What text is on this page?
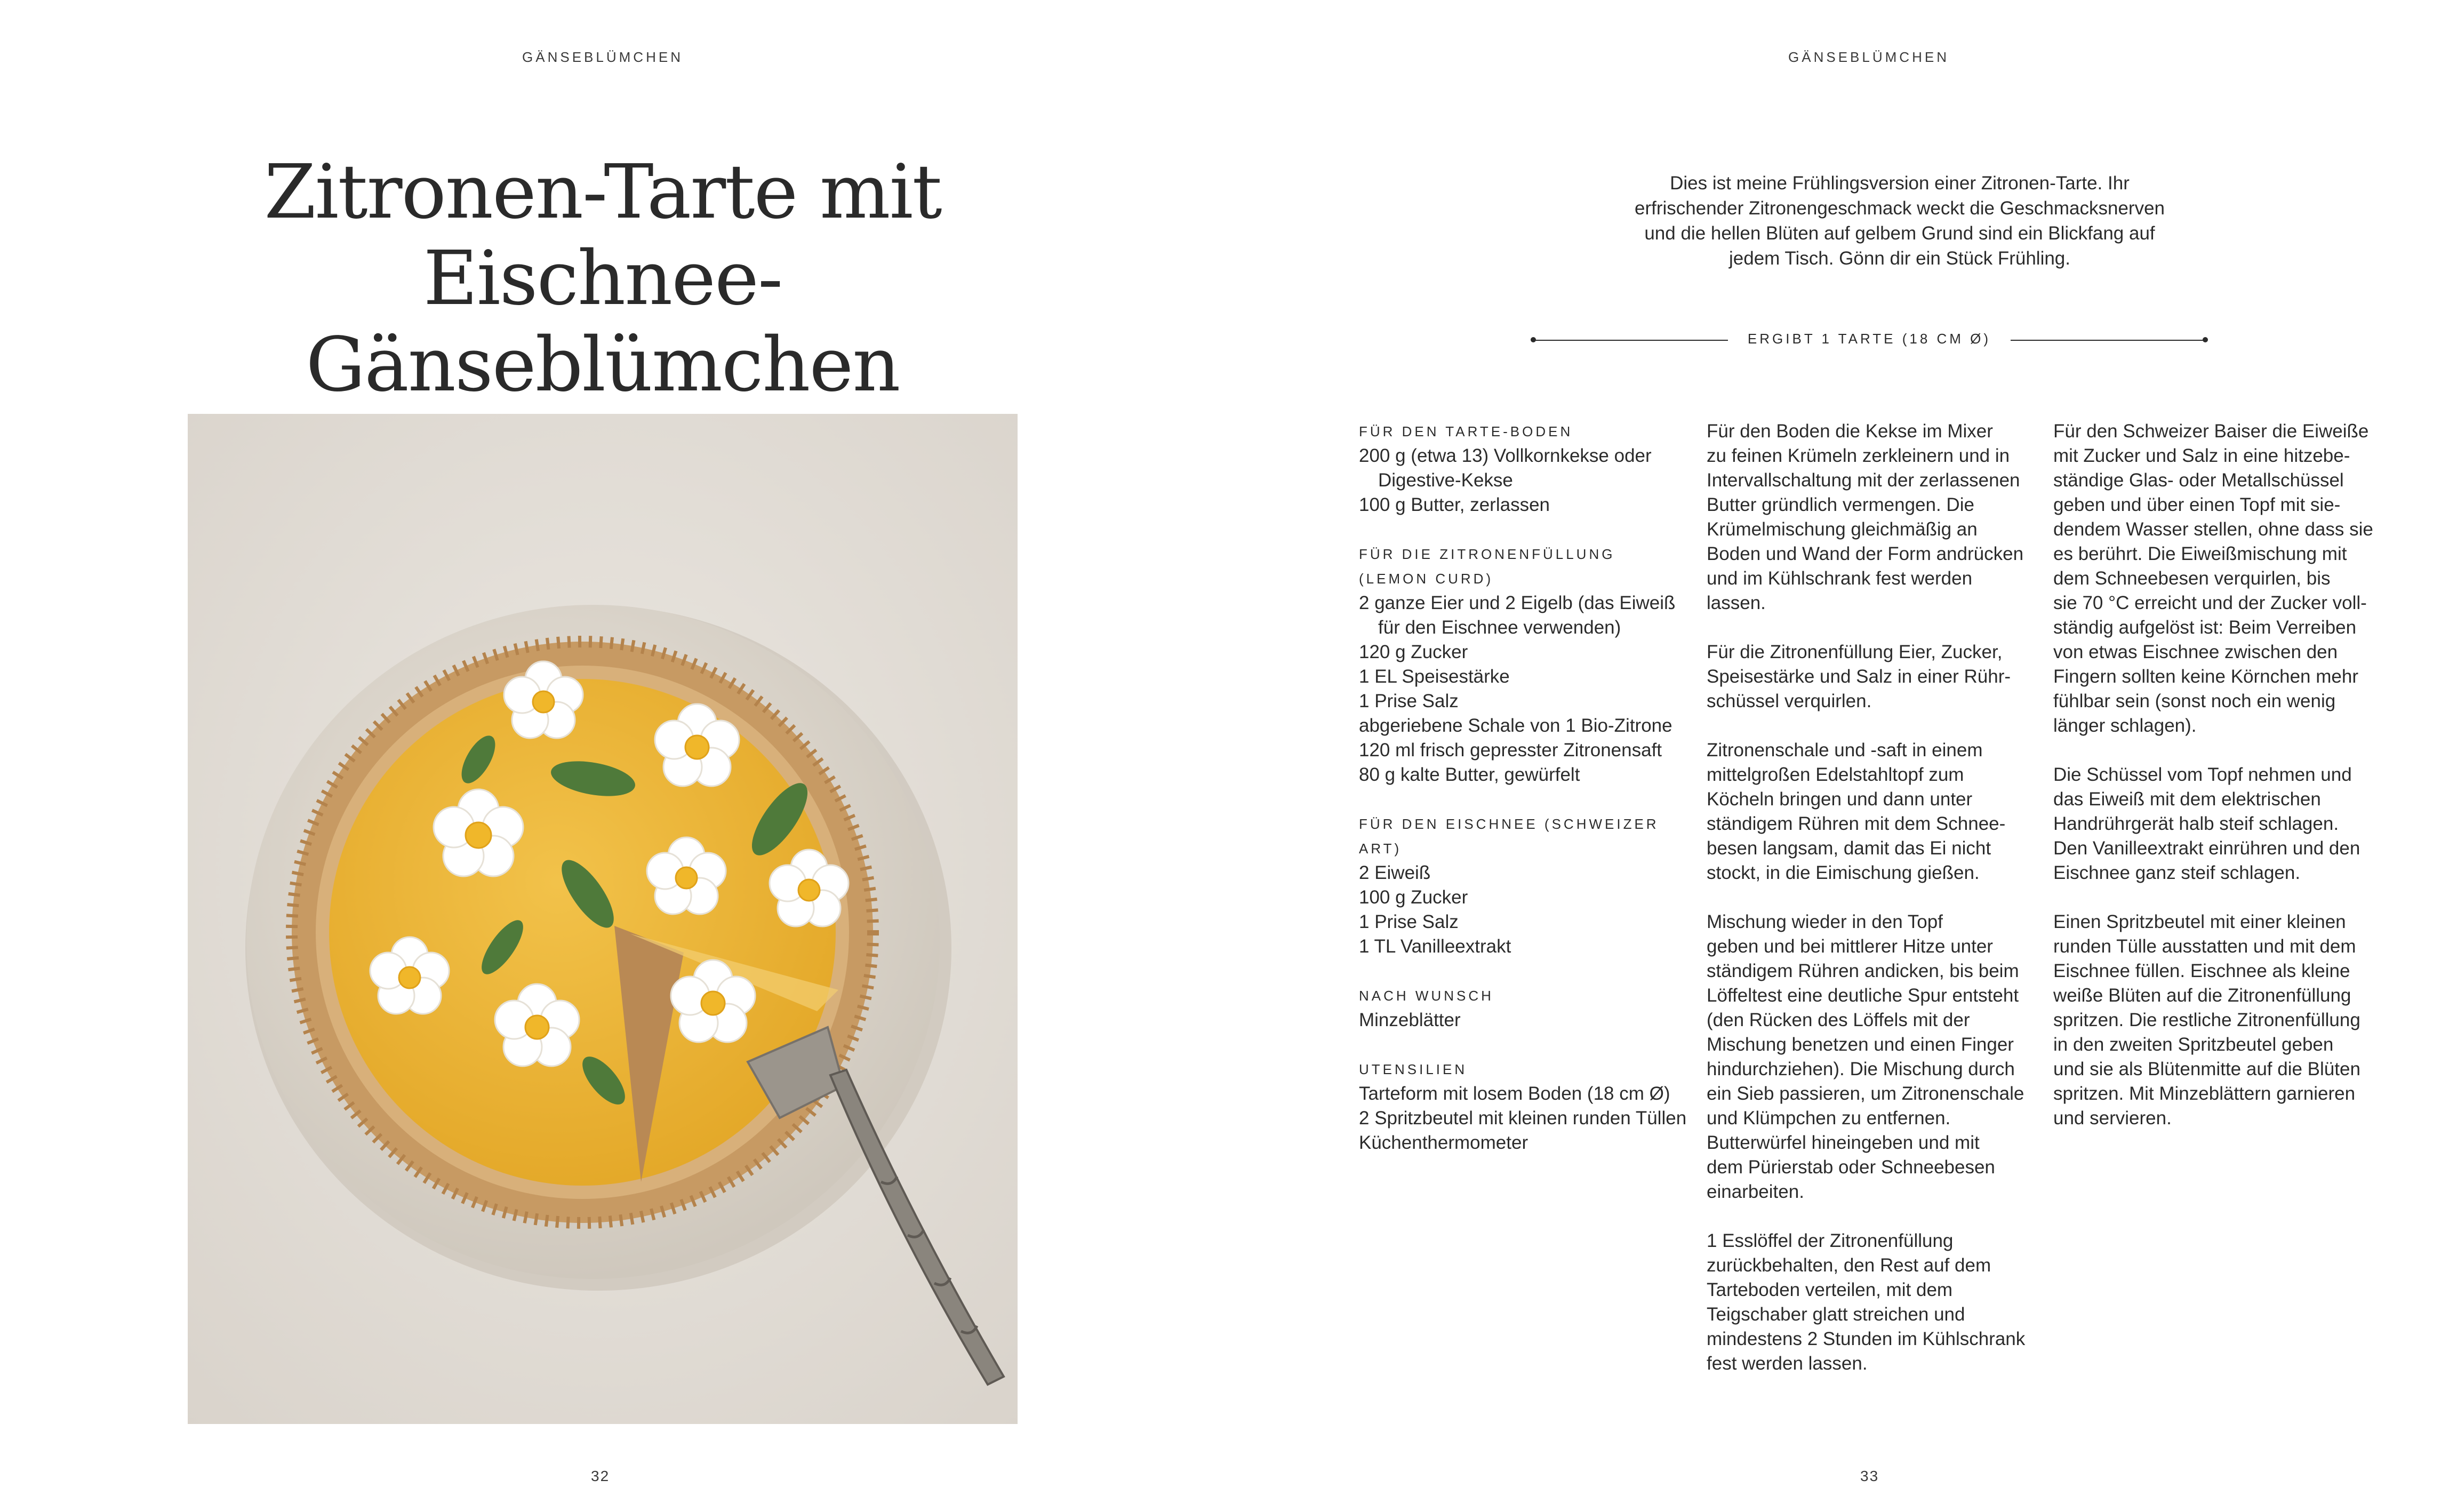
GÄNSEBLÜMCHEN
Zitronen-Tarte mit
Eischnee-Gänseblümchen
32
GÄNSEBLÜMCHEN

Dies ist meine Frühlingsversion einer Zitronen-Tarte. Ihr
erfrischender Zitronengeschmack weckt die Geschmacksnerven
und die hellen Blüten auf gelbem Grund sind ein Blickfang auf
jedem Tisch. Gönn dir ein Stück Frühling.

ERGIBT 1 TARTE (18 CM Ø)
FÜR DEN TARTE-BODEN
200 g (etwa 13) Vollkornkekse oder Digestive-Kekse
100 g Butter, zerlassen
FÜR DIE ZITRONENFÜLLUNG
(LEMON CURD)
2 ganze Eier und 2 Eigelb (das Eiweiß für den Eischnee verwenden)
120 g Zucker
1 EL Speisestärke
1 Prise Salz
abgeriebene Schale von 1 Bio-Zitrone
120 ml frisch gepresster Zitronensaft
80 g kalte Butter, gewürfelt
FÜR DEN EISCHNEE (SCHWEIZER ART)
2 Eiweiß
100 g Zucker
1 Prise Salz
1 TL Vanilleextrakt
NACH WUNSCH
Minzeblätter
UTENSILIEN
Tarteform mit losem Boden (18 cm Ø)
2 Spritzbeutel mit kleinen runden Tüllen
Küchenthermometer

Für den Boden die Kekse im Mixer
zu feinen Krümeln zerkleinern und in
Intervallschaltung mit der zerlassenen
Butter gründlich vermengen. Die
Krümelmischung gleichmäßig an
Boden und Wand der Form andrücken
und im Kühlschrank fest werden
lassen.

Für die Zitronenfüllung Eier, Zucker,
Speisestärke und Salz in einer Rühr-
schüssel verquirlen.

Zitronenschale und -saft in einem
mittelgroßen Edelstahltopf zum
Köcheln bringen und dann unter
ständigem Rühren mit dem Schnee-
besen langsam, damit das Ei nicht
stockt, in die Eimischung gießen.

Mischung wieder in den Topf
geben und bei mittlerer Hitze unter
ständigem Rühren andicken, bis beim
Löffeltest eine deutliche Spur entsteht
(den Rücken des Löffels mit der
Mischung benetzen und einen Finger
hindurchziehen). Die Mischung durch
ein Sieb passieren, um Zitronenschale
und Klümpchen zu entfernen.
Butterwürfel hineingeben und mit
dem Pürierstab oder Schneebesen
einarbeiten.

1 Esslöffel der Zitronenfüllung
zurückbehalten, den Rest auf dem
Tarteboden verteilen, mit dem
Teigschaber glatt streichen und
mindestens 2 Stunden im Kühlschrank
fest werden lassen.

Für den Schweizer Baiser die Eiweiße
mit Zucker und Salz in eine hitzebe-
ständige Glas- oder Metallschüssel
geben und über einen Topf mit sie-
dendem Wasser stellen, ohne dass sie
es berührt. Die Eiweißmischung mit
dem Schneebesen verquirlen, bis
sie 70 °C erreicht und der Zucker voll-
ständig aufgelöst ist: Beim Verreiben
von etwas Eischnee zwischen den
Fingern sollten keine Körnchen mehr
fühlbar sein (sonst noch ein wenig
länger schlagen).

Die Schüssel vom Topf nehmen und
das Eiweiß mit dem elektrischen
Handrührgerät halb steif schlagen.
Den Vanilleextrakt einrühren und den
Eischnee ganz steif schlagen.

Einen Spritzbeutel mit einer kleinen
runden Tülle ausstatten und mit dem
Eischnee füllen. Eischnee als kleine
weiße Blüten auf die Zitronenfüllung
spritzen. Die restliche Zitronenfüllung
in den zweiten Spritzbeutel geben
und sie als Blütenmitte auf die Blüten
spritzen. Mit Minzeblättern garnieren
und servieren.

33
